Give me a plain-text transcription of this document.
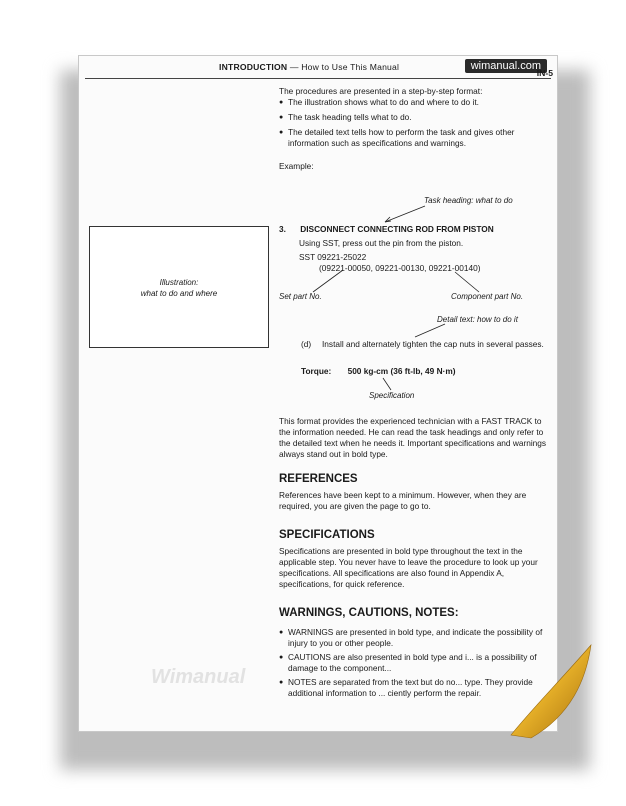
INTRODUCTION — How to Use This Manual	wimanual.com
IN-5

The procedures are presented in a step-by-step format:

● The illustration shows what to do and where to do it.

● The task heading tells what to do.

● The detailed text tells how to perform the task and gives other information such as specifications and warnings.

Example:

Illustration:
what to do and where
Task heading: what to do
3. DISCONNECT CONNECTING ROD FROM PISTON
Using SST, press out the pin from the piston.
SST 09221-25022
(09221-00050, 09221-00130, 09221-00140)
Set part No.	Component part No.
Detail text: how to do it
(d) Install and alternately tighten the cap nuts in several passes.
Torque: 500 kg-cm (36 ft-lb, 49 N·m)
Specification

This format provides the experienced technician with a FAST TRACK to the information needed. He can read the task headings and only refer to the detailed text when he needs it. Important specifications and warnings always stand out in bold type.

REFERENCES

References have been kept to a minimum. However, when they are required, you are given the page to go to.

SPECIFICATIONS

Specifications are presented in bold type throughout the text in the applicable step. You never have to leave the procedure to look up your specifications. All specifications are also found in Appendix A, specifications, for quick reference.

WARNINGS, CAUTIONS, NOTES:

● WARNINGS are presented in bold type, and indicate the possibility of injury to you or other people.

● CAUTIONS are also presented in bold type and i... is a possibility of damage to the component...

● NOTES are separated from the text but do no... type. They provide additional information to ... ciently perform the repair.

Wimanual
